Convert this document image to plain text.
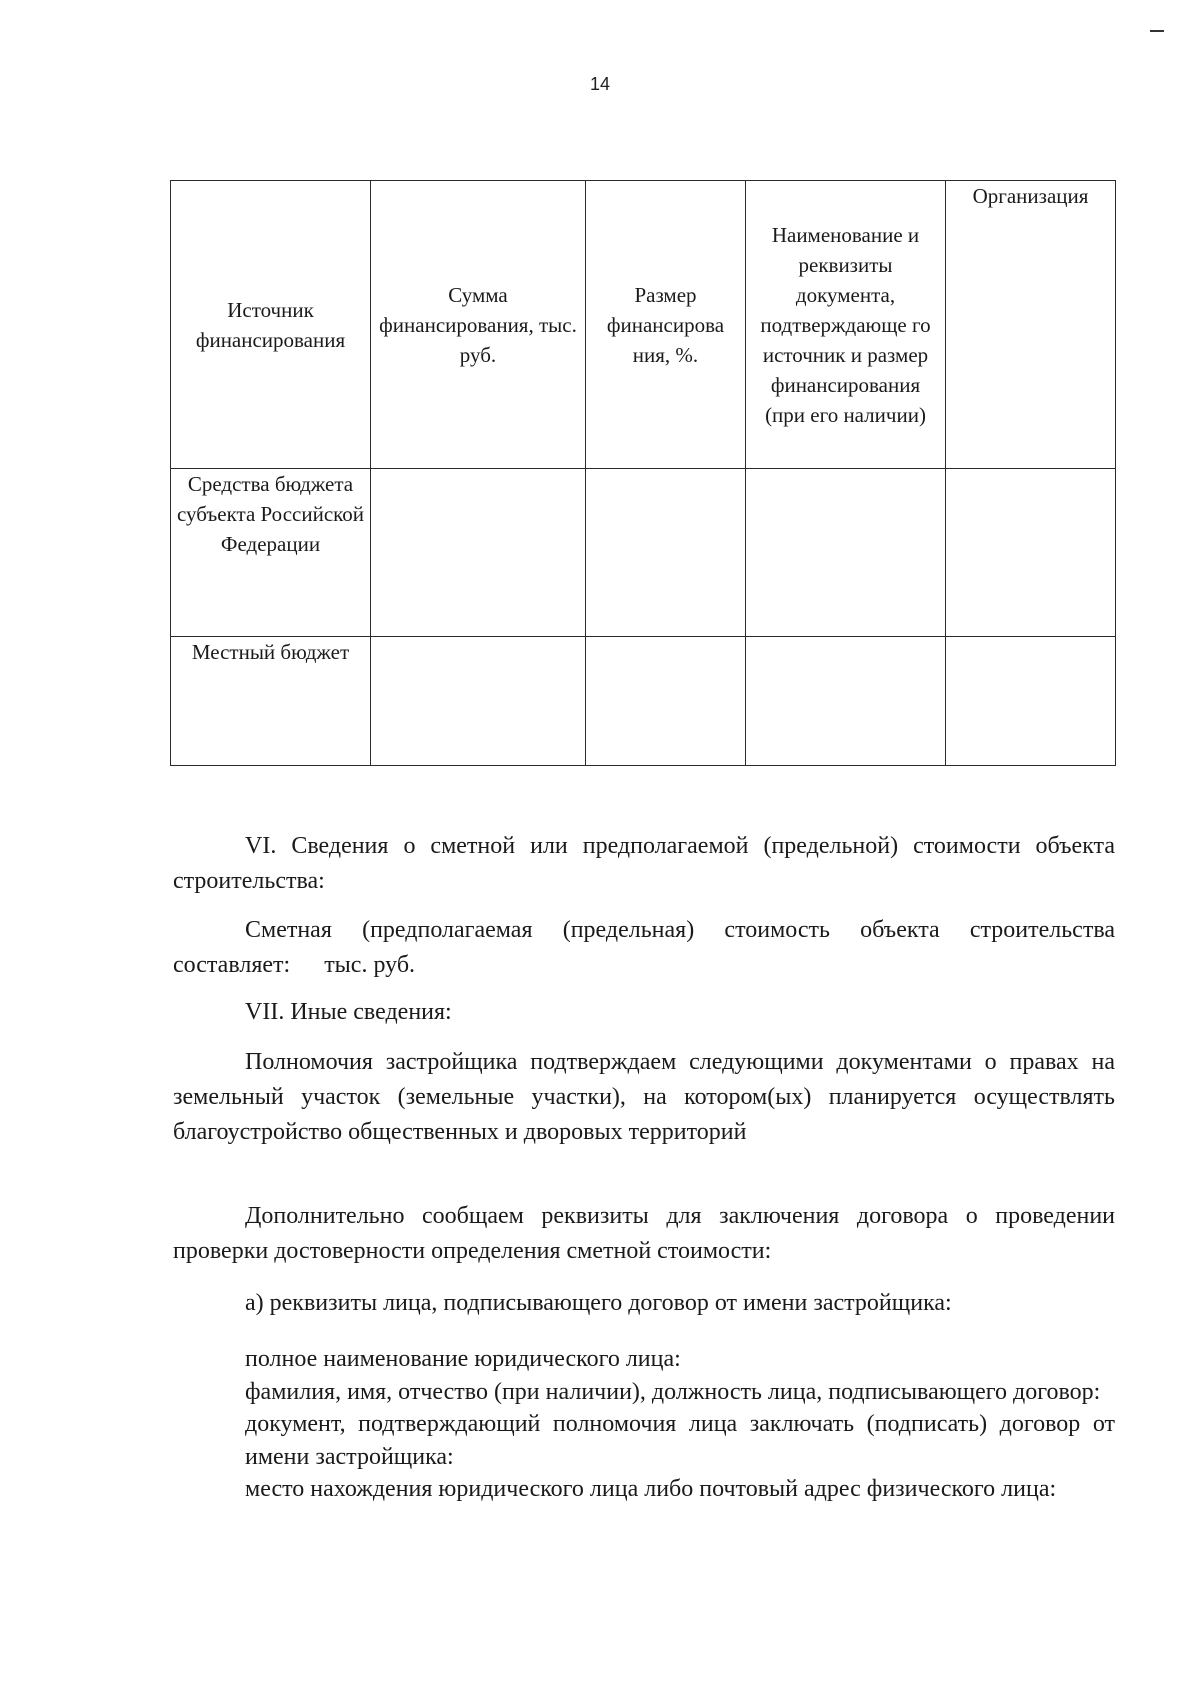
14
Источник финансирования	Сумма финансирования, тыс. руб.	Размер финансирова ния, %.	Наименование и реквизиты документа, подтверждающе го источник и размер финансирования (при его наличии)	Организация
Средства бюджета субъекта Российской Федерации				
Местный бюджет				

VI. Сведения о сметной или предполагаемой (предельной) стоимости объекта строительства:

Сметная (предполагаемая (предельная) стоимость объекта строительства составляет: тыс. руб.

VII. Иные сведения:

Полномочия застройщика подтверждаем следующими документами о правах на земельный участок (земельные участки), на котором(ых) планируется осуществлять благоустройство общественных и дворовых территорий

Дополнительно сообщаем реквизиты для заключения договора о проведении проверки достоверности определения сметной стоимости:

а) реквизиты лица, подписывающего договор от имени застройщика:

полное наименование юридического лица:

фамилия, имя, отчество (при наличии), должность лица, подписывающего договор:

документ, подтверждающий полномочия лица заключать (подписать) договор от имени застройщика:

место нахождения юридического лица либо почтовый адрес физического лица:
